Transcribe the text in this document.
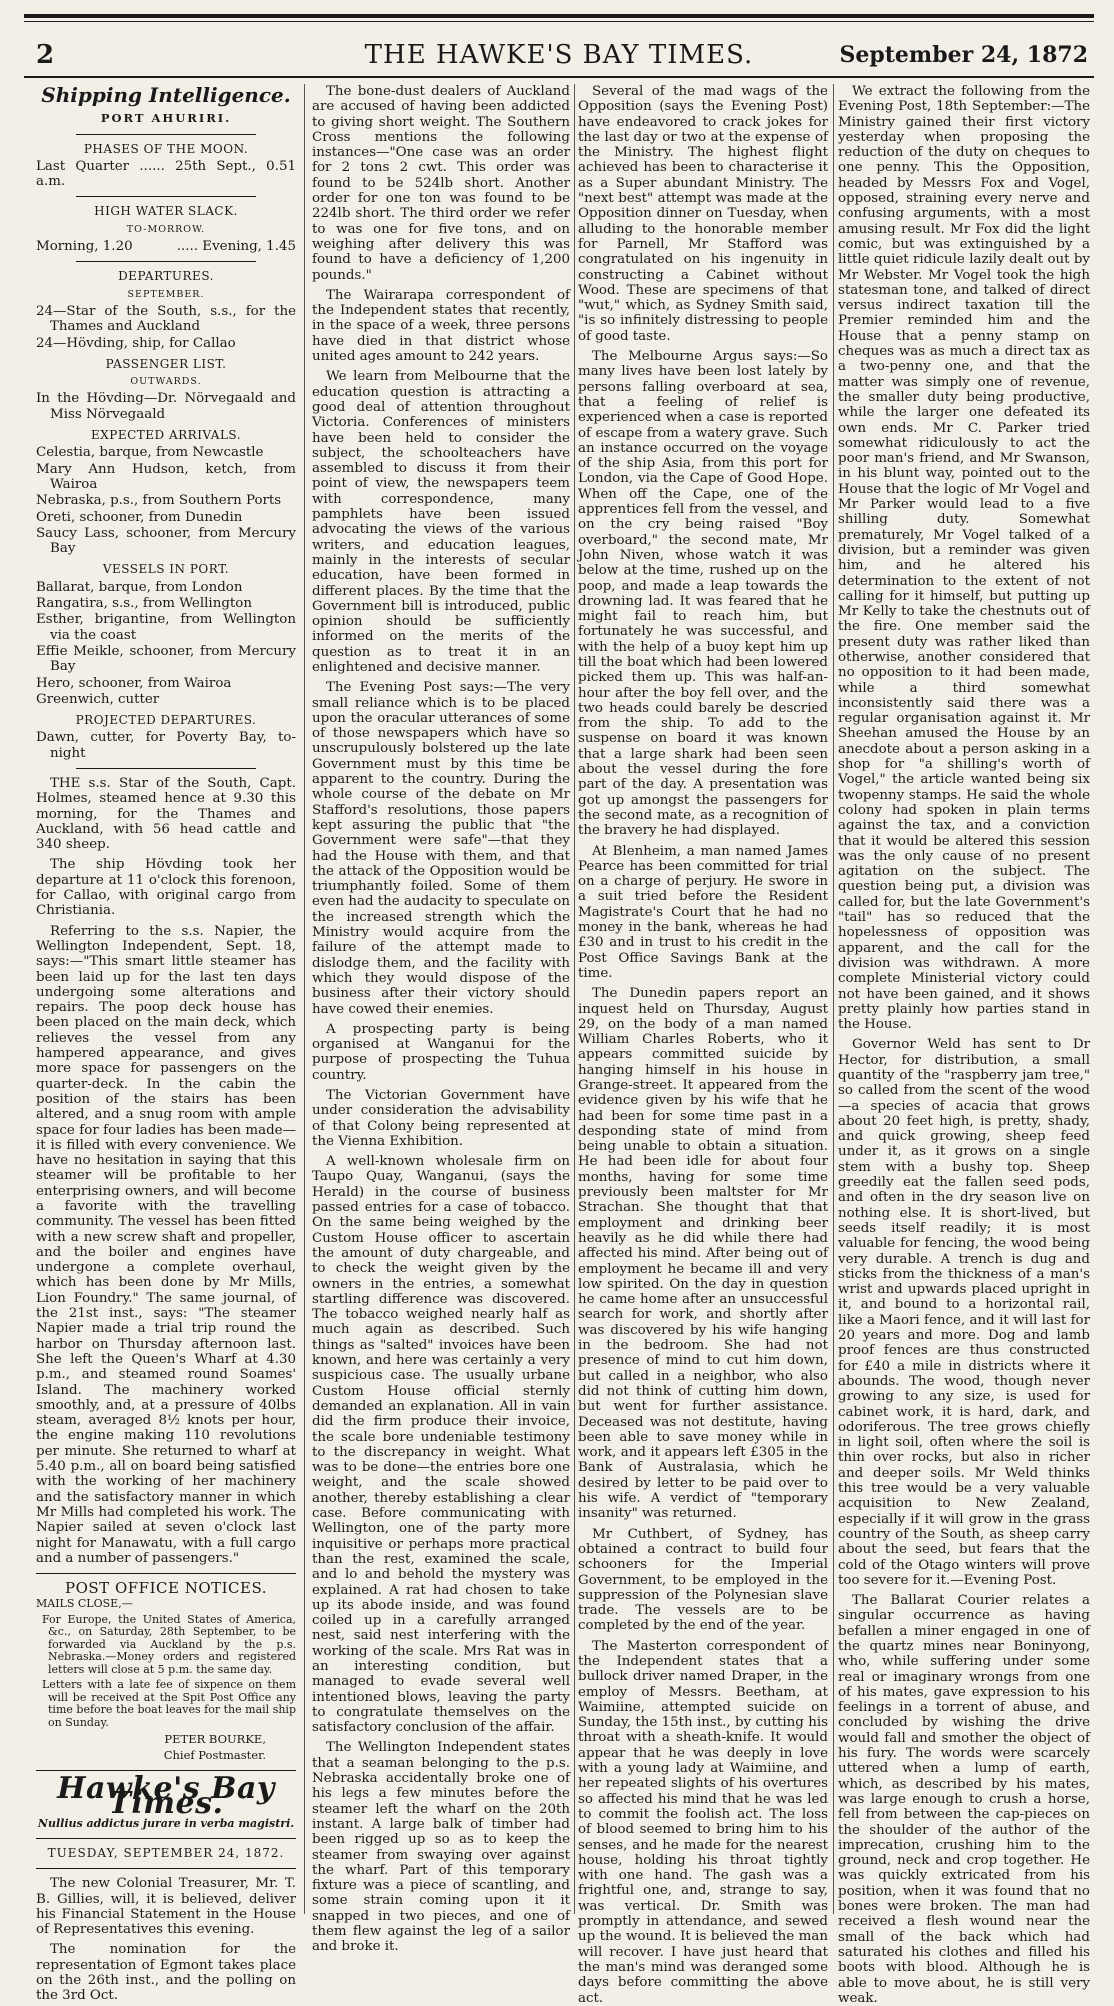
2	THE HAWKE'S BAY TIMES.	September 24, 1872
Shipping Intelligence.
PORT AHURIRI.
PHASES OF THE MOON.
Last Quarter ...... 25th Sept., 0.51 a.m.
HIGH WATER SLACK.
TO-MORROW.
Morning, 1.20	..... Evening, 1.45
DEPARTURES.
SEPTEMBER.
24—Star of the South, s.s., for the Thames and Auckland
24—Hövding, ship, for Callao
PASSENGER LIST.
OUTWARDS.
In the Hövding—Dr. Nörvegaald and Miss Nörvegaald
EXPECTED ARRIVALS.
Celestia, barque, from Newcastle
Mary Ann Hudson, ketch, from Wairoa
Nebraska, p.s., from Southern Ports
Oreti, schooner, from Dunedin
Saucy Lass, schooner, from Mercury Bay
VESSELS IN PORT.
Ballarat, barque, from London
Rangatira, s.s., from Wellington
Esther, brigantine, from Wellington via the coast
Effie Meikle, schooner, from Mercury Bay
Hero, schooner, from Wairoa
Greenwich, cutter
PROJECTED DEPARTURES.
Dawn, cutter, for Poverty Bay, to-night

THE s.s. Star of the South, Capt. Holmes, steamed hence at 9.30 this morning, for the Thames and Auckland, with 56 head cattle and 340 sheep.

The ship Hövding took her departure at 11 o'clock this forenoon, for Callao, with original cargo from Christiania.

Referring to the s.s. Napier, the Wellington Independent, Sept. 18, says:—"This smart little steamer has been laid up for the last ten days undergoing some alterations and repairs. The poop deck house has been placed on the main deck, which relieves the vessel from any hampered appearance, and gives more space for passengers on the quarter-deck. In the cabin the position of the stairs has been altered, and a snug room with ample space for four ladies has been made—it is filled with every convenience. We have no hesitation in saying that this steamer will be profitable to her enterprising owners, and will become a favorite with the travelling community. The vessel has been fitted with a new screw shaft and propeller, and the boiler and engines have undergone a complete overhaul, which has been done by Mr Mills, Lion Foundry." The same journal, of the 21st inst., says: "The steamer Napier made a trial trip round the harbor on Thursday afternoon last. She left the Queen's Wharf at 4.30 p.m., and steamed round Soames' Island. The machinery worked smoothly, and, at a pressure of 40lbs steam, averaged 8½ knots per hour, the engine making 110 revolutions per minute. She returned to wharf at 5.40 p.m., all on board being satisfied with the working of her machinery and the satisfactory manner in which Mr Mills had completed his work. The Napier sailed at seven o'clock last night for Manawatu, with a full cargo and a number of passengers."

POST OFFICE NOTICES.
MAILS CLOSE,—
For Europe, the United States of America, &c., on Saturday, 28th September, to be forwarded via Auckland by the p.s. Nebraska.—Money orders and registered letters will close at 5 p.m. the same day.
Letters with a late fee of sixpence on them will be received at the Spit Post Office any time before the boat leaves for the mail ship on Sunday.
PETER BOURKE,
Chief Postmaster.
Hawke's Bay Times.
Nullius addictus jurare in verba magistri.
TUESDAY, SEPTEMBER 24, 1872.

The new Colonial Treasurer, Mr. T. B. Gillies, will, it is believed, deliver his Financial Statement in the House of Representatives this evening.

The nomination for the representation of Egmont takes place on the 26th inst., and the polling on the 3rd Oct.

The bone-dust dealers of Auckland are accused of having been addicted to giving short weight. The Southern Cross mentions the following instances—"One case was an order for 2 tons 2 cwt. This order was found to be 524lb short. Another order for one ton was found to be 224lb short. The third order we refer to was one for five tons, and on weighing after delivery this was found to have a deficiency of 1,200 pounds."

The Wairarapa correspondent of the Independent states that recently, in the space of a week, three persons have died in that district whose united ages amount to 242 years.

We learn from Melbourne that the education question is attracting a good deal of attention throughout Victoria. Conferences of ministers have been held to consider the subject, the schoolteachers have assembled to discuss it from their point of view, the newspapers teem with correspondence, many pamphlets have been issued advocating the views of the various writers, and education leagues, mainly in the interests of secular education, have been formed in different places. By the time that the Government bill is introduced, public opinion should be sufficiently informed on the merits of the question as to treat it in an enlightened and decisive manner.

The Evening Post says:—The very small reliance which is to be placed upon the oracular utterances of some of those newspapers which have so unscrupulously bolstered up the late Government must by this time be apparent to the country. During the whole course of the debate on Mr Stafford's resolutions, those papers kept assuring the public that "the Government were safe"—that they had the House with them, and that the attack of the Opposition would be triumphantly foiled. Some of them even had the audacity to speculate on the increased strength which the Ministry would acquire from the failure of the attempt made to dislodge them, and the facility with which they would dispose of the business after their victory should have cowed their enemies.

A prospecting party is being organised at Wanganui for the purpose of prospecting the Tuhua country.

The Victorian Government have under consideration the advisability of that Colony being represented at the Vienna Exhibition.

A well-known wholesale firm on Taupo Quay, Wanganui, (says the Herald) in the course of business passed entries for a case of tobacco. On the same being weighed by the Custom House officer to ascertain the amount of duty chargeable, and to check the weight given by the owners in the entries, a somewhat startling difference was discovered. The tobacco weighed nearly half as much again as described. Such things as "salted" invoices have been known, and here was certainly a very suspicious case. The usually urbane Custom House official sternly demanded an explanation. All in vain did the firm produce their invoice, the scale bore undeniable testimony to the discrepancy in weight. What was to be done—the entries bore one weight, and the scale showed another, thereby establishing a clear case. Before communicating with Wellington, one of the party more inquisitive or perhaps more practical than the rest, examined the scale, and lo and behold the mystery was explained. A rat had chosen to take up its abode inside, and was found coiled up in a carefully arranged nest, said nest interfering with the working of the scale. Mrs Rat was in an interesting condition, but managed to evade several well intentioned blows, leaving the party to congratulate themselves on the satisfactory conclusion of the affair.

The Wellington Independent states that a seaman belonging to the p.s. Nebraska accidentally broke one of his legs a few minutes before the steamer left the wharf on the 20th instant. A large balk of timber had been rigged up so as to keep the steamer from swaying over against the wharf. Part of this temporary fixture was a piece of scantling, and some strain coming upon it it snapped in two pieces, and one of them flew against the leg of a sailor and broke it.

Several of the mad wags of the Opposition (says the Evening Post) have endeavored to crack jokes for the last day or two at the expense of the Ministry. The highest flight achieved has been to characterise it as a Super abundant Ministry. The "next best" attempt was made at the Opposition dinner on Tuesday, when alluding to the honorable member for Parnell, Mr Stafford was congratulated on his ingenuity in constructing a Cabinet without Wood. These are specimens of that "wut," which, as Sydney Smith said, "is so infinitely distressing to people of good taste.

The Melbourne Argus says:—So many lives have been lost lately by persons falling overboard at sea, that a feeling of relief is experienced when a case is reported of escape from a watery grave. Such an instance occurred on the voyage of the ship Asia, from this port for London, via the Cape of Good Hope. When off the Cape, one of the apprentices fell from the vessel, and on the cry being raised "Boy overboard," the second mate, Mr John Niven, whose watch it was below at the time, rushed up on the poop, and made a leap towards the drowning lad. It was feared that he might fail to reach him, but fortunately he was successful, and with the help of a buoy kept him up till the boat which had been lowered picked them up. This was half-an-hour after the boy fell over, and the two heads could barely be descried from the ship. To add to the suspense on board it was known that a large shark had been seen about the vessel during the fore part of the day. A presentation was got up amongst the passengers for the second mate, as a recognition of the bravery he had displayed.

At Blenheim, a man named James Pearce has been committed for trial on a charge of perjury. He swore in a suit tried before the Resident Magistrate's Court that he had no money in the bank, whereas he had £30 and in trust to his credit in the Post Office Savings Bank at the time.

The Dunedin papers report an inquest held on Thursday, August 29, on the body of a man named William Charles Roberts, who it appears committed suicide by hanging himself in his house in Grange-street. It appeared from the evidence given by his wife that he had been for some time past in a desponding state of mind from being unable to obtain a situation. He had been idle for about four months, having for some time previously been maltster for Mr Strachan. She thought that that employment and drinking beer heavily as he did while there had affected his mind. After being out of employment he became ill and very low spirited. On the day in question he came home after an unsuccessful search for work, and shortly after was discovered by his wife hanging in the bedroom. She had not presence of mind to cut him down, but called in a neighbor, who also did not think of cutting him down, but went for further assistance. Deceased was not destitute, having been able to save money while in work, and it appears left £305 in the Bank of Australasia, which he desired by letter to be paid over to his wife. A verdict of "temporary insanity" was returned.

Mr Cuthbert, of Sydney, has obtained a contract to build four schooners for the Imperial Government, to be employed in the suppression of the Polynesian slave trade. The vessels are to be completed by the end of the year.

The Masterton correspondent of the Independent states that a bullock driver named Draper, in the employ of Messrs. Beetham, at Waimiine, attempted suicide on Sunday, the 15th inst., by cutting his throat with a sheath-knife. It would appear that he was deeply in love with a young lady at Waimiine, and her repeated slights of his overtures so affected his mind that he was led to commit the foolish act. The loss of blood seemed to bring him to his senses, and he made for the nearest house, holding his throat tightly with one hand. The gash was a frightful one, and, strange to say, was vertical. Dr. Smith was promptly in attendance, and sewed up the wound. It is believed the man will recover. I have just heard that the man's mind was deranged some days before committing the above act.

We extract the following from the Evening Post, 18th September:—The Ministry gained their first victory yesterday when proposing the reduction of the duty on cheques to one penny. This the Opposition, headed by Messrs Fox and Vogel, opposed, straining every nerve and confusing arguments, with a most amusing result. Mr Fox did the light comic, but was extinguished by a little quiet ridicule lazily dealt out by Mr Webster. Mr Vogel took the high statesman tone, and talked of direct versus indirect taxation till the Premier reminded him and the House that a penny stamp on cheques was as much a direct tax as a two-penny one, and that the matter was simply one of revenue, the smaller duty being productive, while the larger one defeated its own ends. Mr C. Parker tried somewhat ridiculously to act the poor man's friend, and Mr Swanson, in his blunt way, pointed out to the House that the logic of Mr Vogel and Mr Parker would lead to a five shilling duty. Somewhat prematurely, Mr Vogel talked of a division, but a reminder was given him, and he altered his determination to the extent of not calling for it himself, but putting up Mr Kelly to take the chestnuts out of the fire. One member said the present duty was rather liked than otherwise, another considered that no opposition to it had been made, while a third somewhat inconsistently said there was a regular organisation against it. Mr Sheehan amused the House by an anecdote about a person asking in a shop for "a shilling's worth of Vogel," the article wanted being six twopenny stamps. He said the whole colony had spoken in plain terms against the tax, and a conviction that it would be altered this session was the only cause of no present agitation on the subject. The question being put, a division was called for, but the late Government's "tail" has so reduced that the hopelessness of opposition was apparent, and the call for the division was withdrawn. A more complete Ministerial victory could not have been gained, and it shows pretty plainly how parties stand in the House.

Governor Weld has sent to Dr Hector, for distribution, a small quantity of the "raspberry jam tree," so called from the scent of the wood—a species of acacia that grows about 20 feet high, is pretty, shady, and quick growing, sheep feed under it, as it grows on a single stem with a bushy top. Sheep greedily eat the fallen seed pods, and often in the dry season live on nothing else. It is short-lived, but seeds itself readily; it is most valuable for fencing, the wood being very durable. A trench is dug and sticks from the thickness of a man's wrist and upwards placed upright in it, and bound to a horizontal rail, like a Maori fence, and it will last for 20 years and more. Dog and lamb proof fences are thus constructed for £40 a mile in districts where it abounds. The wood, though never growing to any size, is used for cabinet work, it is hard, dark, and odoriferous. The tree grows chiefly in light soil, often where the soil is thin over rocks, but also in richer and deeper soils. Mr Weld thinks this tree would be a very valuable acquisition to New Zealand, especially if it will grow in the grass country of the South, as sheep carry about the seed, but fears that the cold of the Otago winters will prove too severe for it.—Evening Post.

The Ballarat Courier relates a singular occurrence as having befallen a miner engaged in one of the quartz mines near Boninyong, who, while suffering under some real or imaginary wrongs from one of his mates, gave expression to his feelings in a torrent of abuse, and concluded by wishing the drive would fall and smother the object of his fury. The words were scarcely uttered when a lump of earth, which, as described by his mates, was large enough to crush a horse, fell from between the cap-pieces on the shoulder of the author of the imprecation, crushing him to the ground, neck and crop together. He was quickly extricated from his position, when it was found that no bones were broken. The man had received a flesh wound near the small of the back which had saturated his clothes and filled his boots with blood. Although he is able to move about, he is still very weak.
